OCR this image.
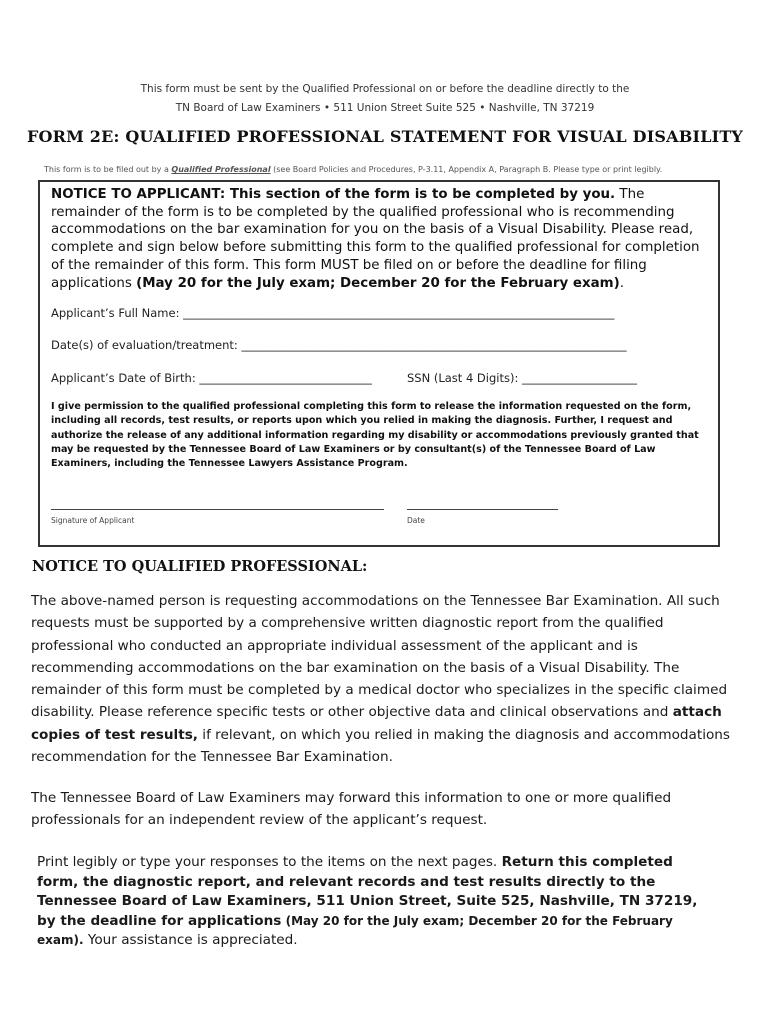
This form must be sent by the Qualified Professional on or before the deadline directly to the
TN Board of Law Examiners • 511 Union Street Suite 525 • Nashville, TN 37219
FORM 2E: QUALIFIED PROFESSIONAL STATEMENT FOR VISUAL DISABILITY
This form is to be filed out by a Qualified Professional (see Board Policies and Procedures, P-3.11, Appendix A, Paragraph B. Please type or print legibly.
NOTICE TO APPLICANT: This section of the form is to be completed by you. The remainder of the form is to be completed by the qualified professional who is recommending accommodations on the bar examination for you on the basis of a Visual Disability. Please read, complete and sign below before submitting this form to the qualified professional for completion of the remainder of this form. This form MUST be filed on or before the deadline for filing applications (May 20 for the July exam; December 20 for the February exam).
Applicant’s Full Name: ___________________________________________________________________________
Date(s) of evaluation/treatment: ___________________________________________________________________
Applicant’s Date of Birth: ______________________________	SSN (Last 4 Digits): ____________________
I give permission to the qualified professional completing this form to release the information requested on the form, including all records, test results, or reports upon which you relied in making the diagnosis. Further, I request and authorize the release of any additional information regarding my disability or accommodations previously granted that may be requested by the Tennessee Board of Law Examiners or by consultant(s) of the Tennessee Board of Law Examiners, including the Tennessee Lawyers Assistance Program.
Signature of Applicant	Date
NOTICE TO QUALIFIED PROFESSIONAL:
The above-named person is requesting accommodations on the Tennessee Bar Examination. All such requests must be supported by a comprehensive written diagnostic report from the qualified professional who conducted an appropriate individual assessment of the applicant and is recommending accommodations on the bar examination on the basis of a Visual Disability. The remainder of this form must be completed by a medical doctor who specializes in the specific claimed disability. Please reference specific tests or other objective data and clinical observations and attach copies of test results, if relevant, on which you relied in making the diagnosis and accommodations recommendation for the Tennessee Bar Examination.
The Tennessee Board of Law Examiners may forward this information to one or more qualified professionals for an independent review of the applicant’s request.
Print legibly or type your responses to the items on the next pages. Return this completed form, the diagnostic report, and relevant records and test results directly to the Tennessee Board of Law Examiners, 511 Union Street, Suite 525, Nashville, TN 37219, by the deadline for applications (May 20 for the July exam; December 20 for the February exam). Your assistance is appreciated.
